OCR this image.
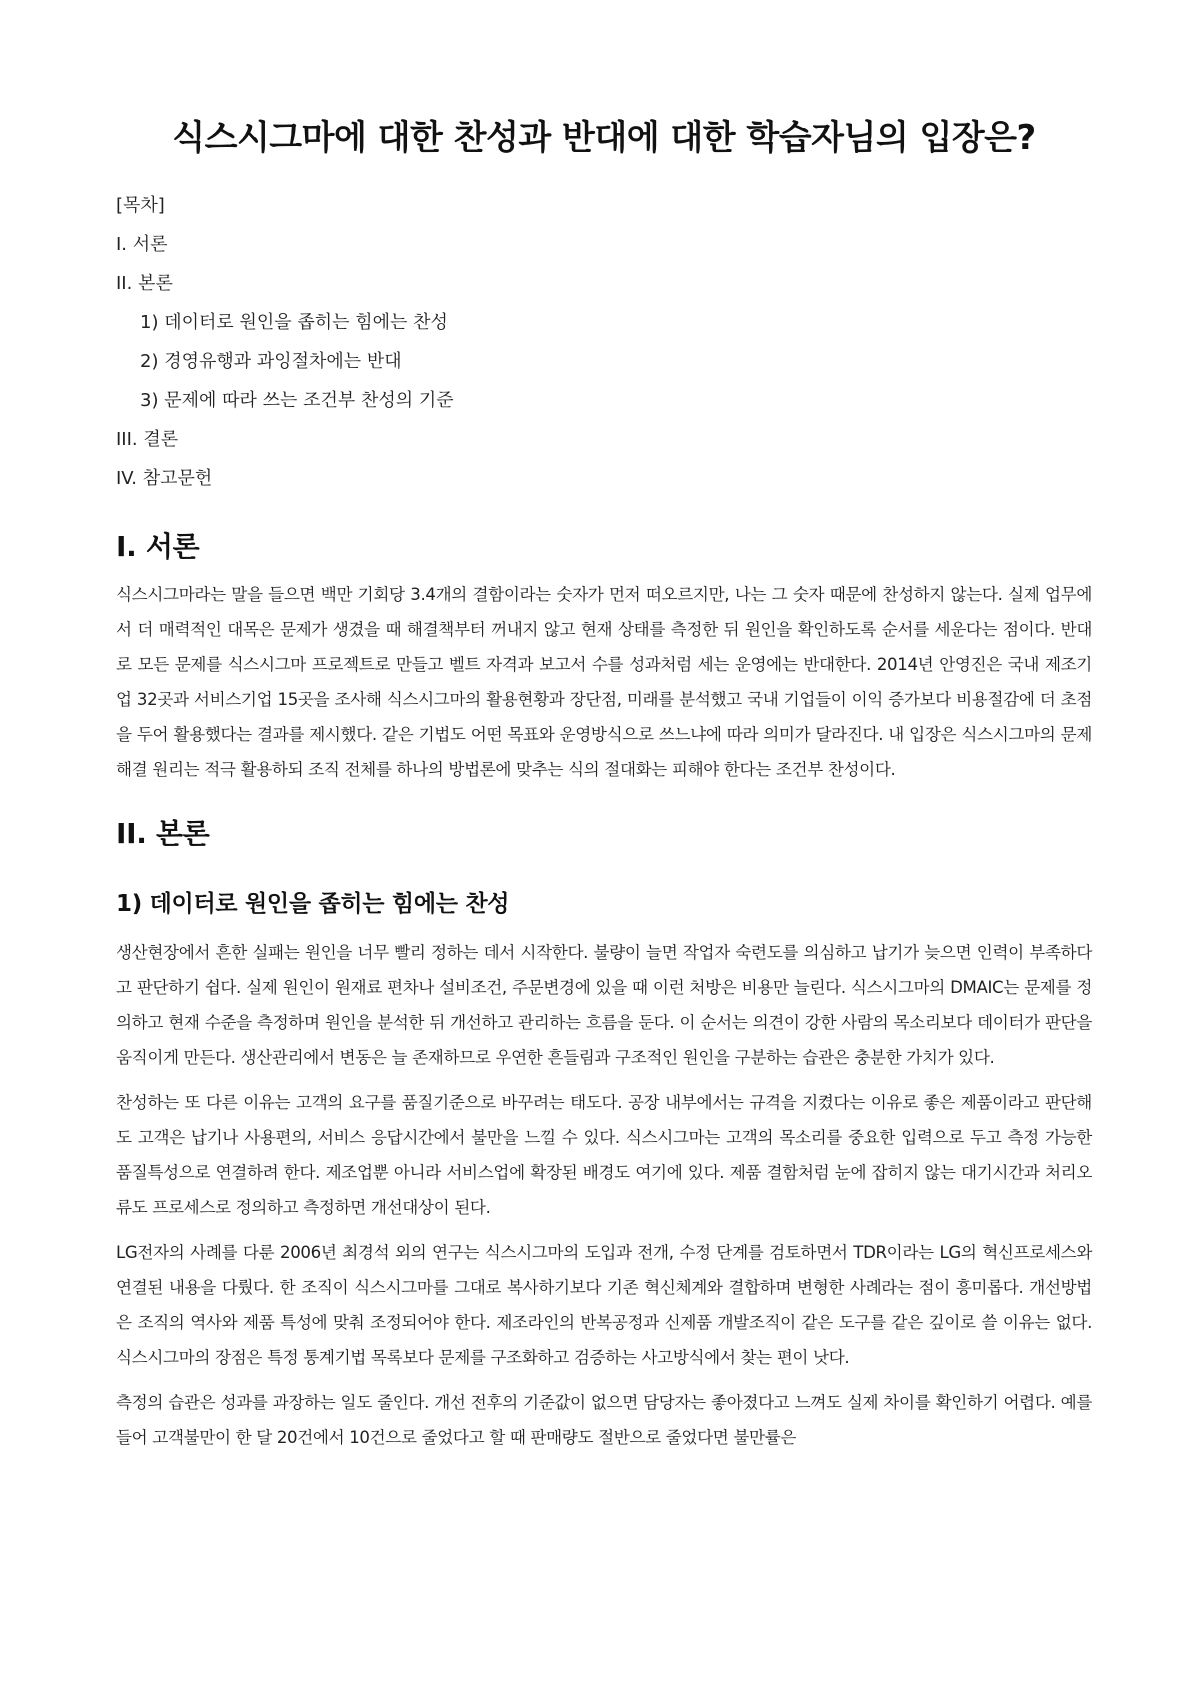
식스시그마에 대한 찬성과 반대에 대한 학습자님의 입장은?
[목차]
I. 서론
II. 본론
1) 데이터로 원인을 좁히는 힘에는 찬성
2) 경영유행과 과잉절차에는 반대
3) 문제에 따라 쓰는 조건부 찬성의 기준
III. 결론
IV. 참고문헌
I. 서론

식스시그마라는 말을 들으면 백만 기회당 3.4개의 결함이라는 숫자가 먼저 떠오르지만, 나는 그 숫자 때문에 찬성하지 않는다. 실제 업무에서 더 매력적인 대목은 문제가 생겼을 때 해결책부터 꺼내지 않고 현재 상태를 측정한 뒤 원인을 확인하도록 순서를 세운다는 점이다. 반대로 모든 문제를 식스시그마 프로젝트로 만들고 벨트 자격과 보고서 수를 성과처럼 세는 운영에는 반대한다. 2014년 안영진은 국내 제조기업 32곳과 서비스기업 15곳을 조사해 식스시그마의 활용현황과 장단점, 미래를 분석했고 국내 기업들이 이익 증가보다 비용절감에 더 초점을 두어 활용했다는 결과를 제시했다. 같은 기법도 어떤 목표와 운영방식으로 쓰느냐에 따라 의미가 달라진다. 내 입장은 식스시그마의 문제해결 원리는 적극 활용하되 조직 전체를 하나의 방법론에 맞추는 식의 절대화는 피해야 한다는 조건부 찬성이다.

II. 본론
1) 데이터로 원인을 좁히는 힘에는 찬성

생산현장에서 흔한 실패는 원인을 너무 빨리 정하는 데서 시작한다. 불량이 늘면 작업자 숙련도를 의심하고 납기가 늦으면 인력이 부족하다고 판단하기 쉽다. 실제 원인이 원재료 편차나 설비조건, 주문변경에 있을 때 이런 처방은 비용만 늘린다. 식스시그마의 DMAIC는 문제를 정의하고 현재 수준을 측정하며 원인을 분석한 뒤 개선하고 관리하는 흐름을 둔다. 이 순서는 의견이 강한 사람의 목소리보다 데이터가 판단을 움직이게 만든다. 생산관리에서 변동은 늘 존재하므로 우연한 흔들림과 구조적인 원인을 구분하는 습관은 충분한 가치가 있다.

찬성하는 또 다른 이유는 고객의 요구를 품질기준으로 바꾸려는 태도다. 공장 내부에서는 규격을 지켰다는 이유로 좋은 제품이라고 판단해도 고객은 납기나 사용편의, 서비스 응답시간에서 불만을 느낄 수 있다. 식스시그마는 고객의 목소리를 중요한 입력으로 두고 측정 가능한 품질특성으로 연결하려 한다. 제조업뿐 아니라 서비스업에 확장된 배경도 여기에 있다. 제품 결함처럼 눈에 잡히지 않는 대기시간과 처리오류도 프로세스로 정의하고 측정하면 개선대상이 된다.

LG전자의 사례를 다룬 2006년 최경석 외의 연구는 식스시그마의 도입과 전개, 수정 단계를 검토하면서 TDR이라는 LG의 혁신프로세스와 연결된 내용을 다뤘다. 한 조직이 식스시그마를 그대로 복사하기보다 기존 혁신체계와 결합하며 변형한 사례라는 점이 흥미롭다. 개선방법은 조직의 역사와 제품 특성에 맞춰 조정되어야 한다. 제조라인의 반복공정과 신제품 개발조직이 같은 도구를 같은 깊이로 쓸 이유는 없다. 식스시그마의 장점은 특정 통계기법 목록보다 문제를 구조화하고 검증하는 사고방식에서 찾는 편이 낫다.

측정의 습관은 성과를 과장하는 일도 줄인다. 개선 전후의 기준값이 없으면 담당자는 좋아졌다고 느껴도 실제 차이를 확인하기 어렵다. 예를 들어 고객불만이 한 달 20건에서 10건으로 줄었다고 할 때 판매량도 절반으로 줄었다면 불만률은
